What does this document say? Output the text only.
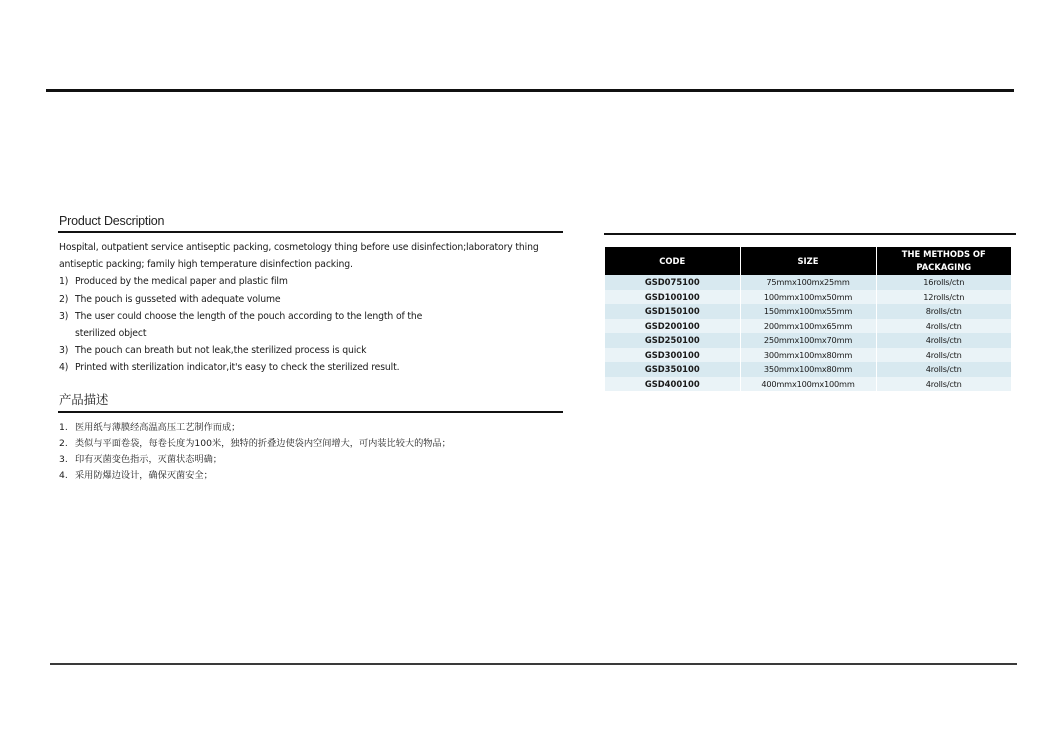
Product Description

Hospital, outpatient service antiseptic packing, cosmetology thing before use disinfection;laboratory thing

antiseptic packing; family high temperature disinfection packing.

1) Produced by the medical paper and plastic film
2) The pouch is gusseted with adequate volume
3) The user could choose the length of the pouch according to the length of the
sterilized object
3) The pouch can breath but not leak,the sterilized process is quick
4) Printed with sterilization indicator,it's easy to check the sterilized result.
产品描述
1. 医用纸与薄膜经高温高压工艺制作而成；
2. 类似与平面卷袋，每卷长度为100米，独特的折叠边使袋内空间增大，可内装比较大的物品；
3. 印有灭菌变色指示，灭菌状态明确；
4. 采用防爆边设计，确保灭菌安全；
CODE	SIZE	THE METHODS OF PACKAGING
GSD075100	75mmx100mx25mm	16rolls/ctn
GSD100100	100mmx100mx50mm	12rolls/ctn
GSD150100	150mmx100mx55mm	8rolls/ctn
GSD200100	200mmx100mx65mm	4rolls/ctn
GSD250100	250mmx100mx70mm	4rolls/ctn
GSD300100	300mmx100mx80mm	4rolls/ctn
GSD350100	350mmx100mx80mm	4rolls/ctn
GSD400100	400mmx100mx100mm	4rolls/ctn
